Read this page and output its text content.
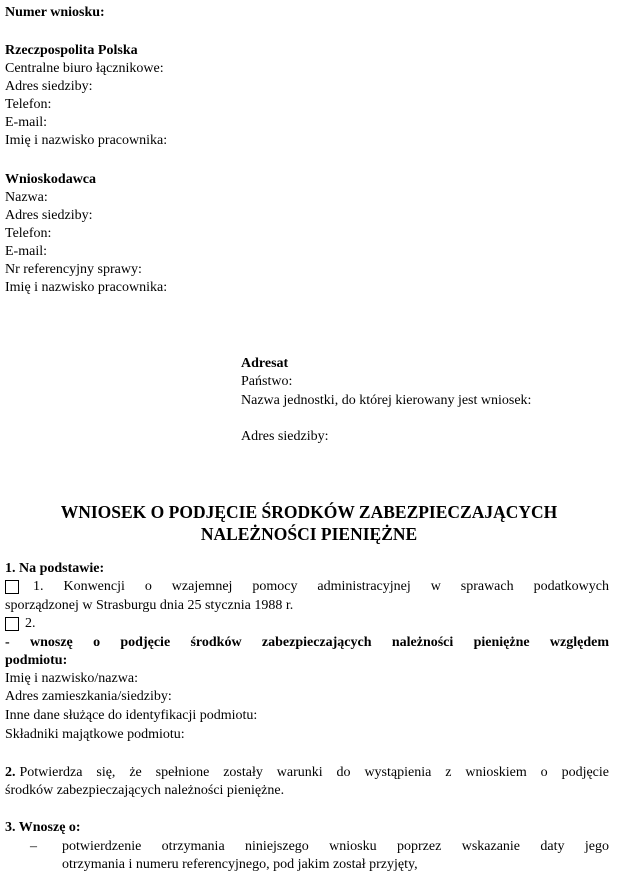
Numer wniosku:
Rzeczpospolita Polska
Centralne biuro łącznikowe:
Adres siedziby:
Telefon:
E-mail:
Imię i nazwisko pracownika:
Wnioskodawca
Nazwa:
Adres siedziby:
Telefon:
E-mail:
Nr referencyjny sprawy:
Imię i nazwisko pracownika:
Adresat
Państwo:
Nazwa jednostki, do której kierowany jest wniosek:
Adres siedziby:
WNIOSEK O PODJĘCIE ŚRODKÓW ZABEZPIECZAJĄCYCH
NALEŻNOŚCI PIENIĘŻNE
1. Na podstawie:
1. Konwencji o wzajemnej pomocy administracyjnej w sprawach podatkowych
sporządzonej w Strasburgu dnia 25 stycznia 1988 r.
2.
- wnoszę o podjęcie środków zabezpieczających należności pieniężne względem
podmiotu:
Imię i nazwisko/nazwa:
Adres zamieszkania/siedziby:
Inne dane służące do identyfikacji podmiotu:
Składniki majątkowe podmiotu:
2. Potwierdza się, że spełnione zostały warunki do wystąpienia z wnioskiem o podjęcie
środków zabezpieczających należności pieniężne.
3. Wnoszę o:
–	potwierdzenie otrzymania niniejszego wniosku poprzez wskazanie daty jego
otrzymania i numeru referencyjnego, pod jakim został przyjęty,
